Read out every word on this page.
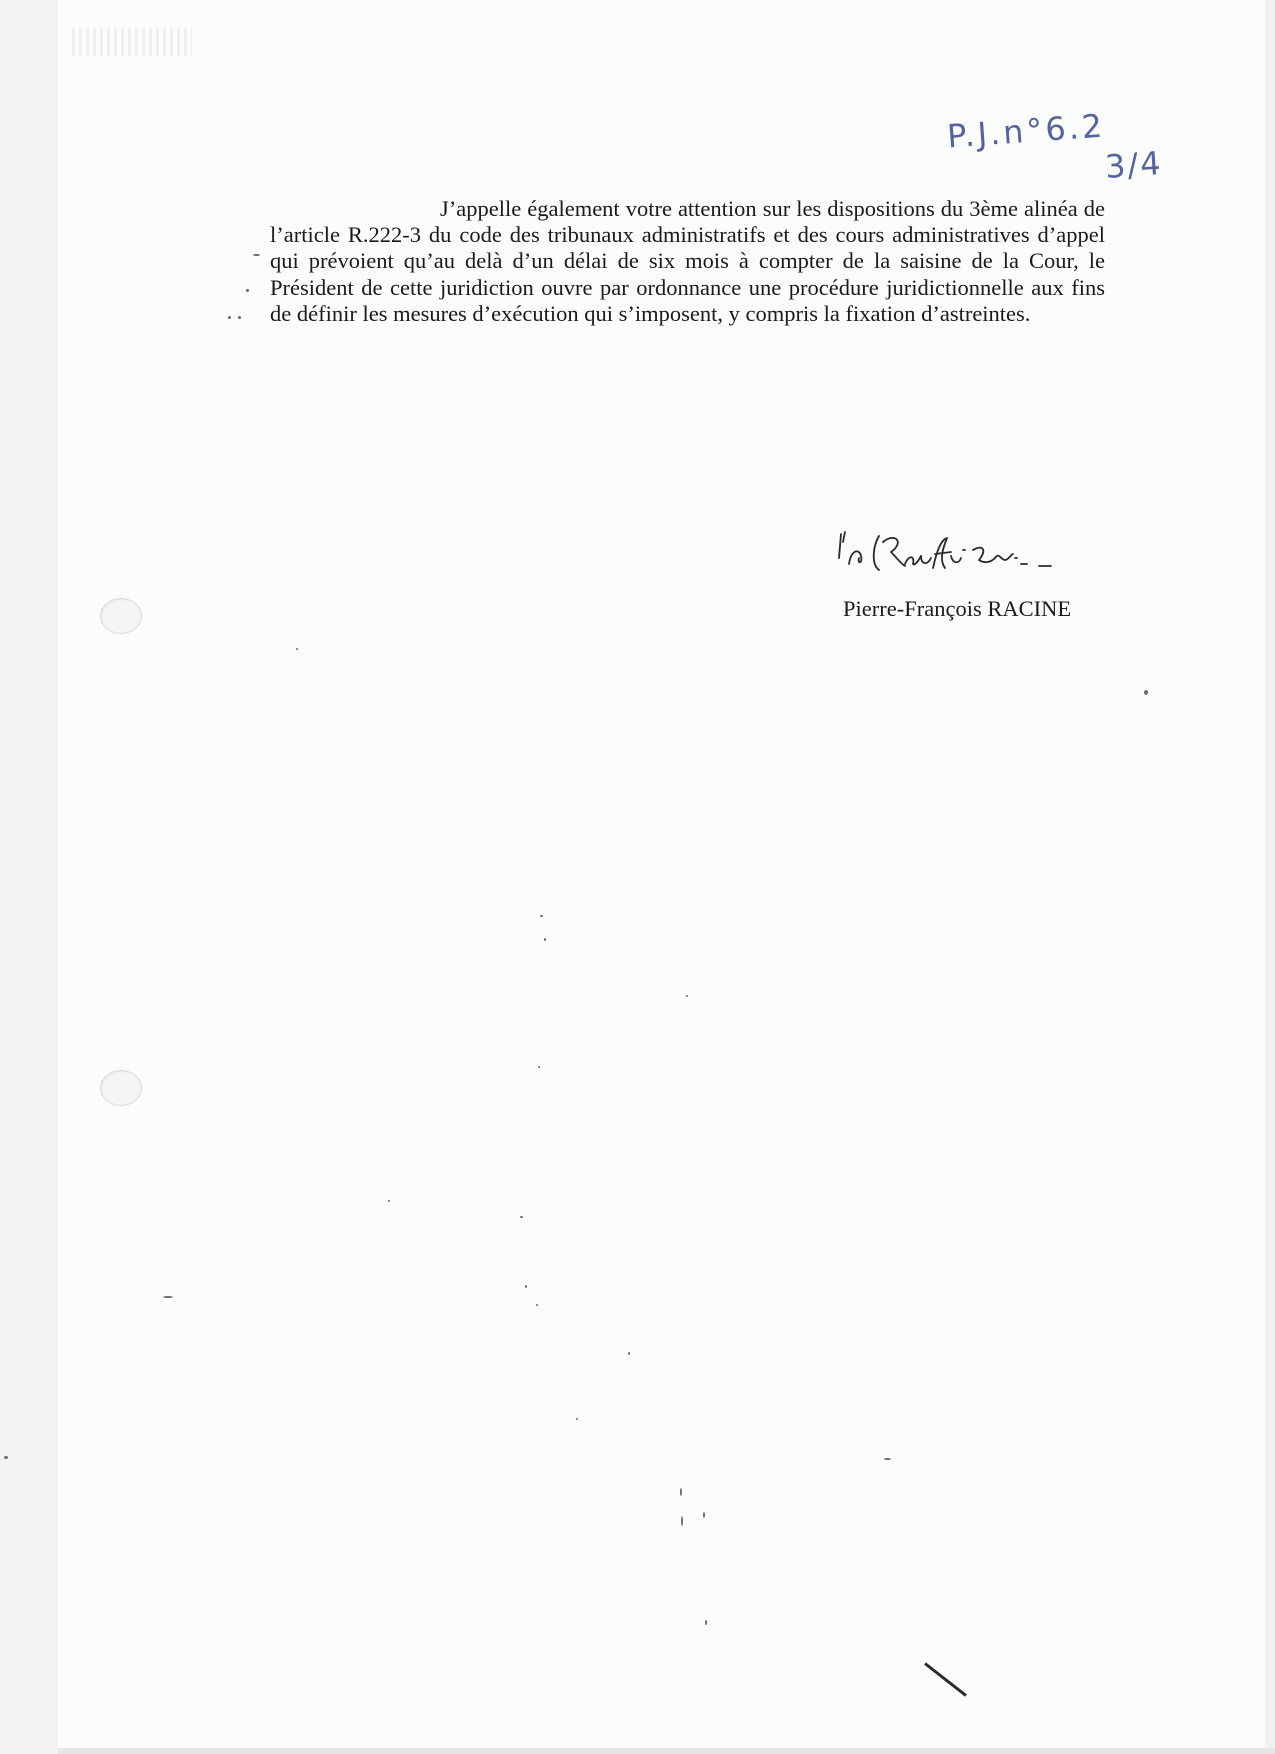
P.J.n°6.2
3/4

J’appelle également votre attention sur les dispositions du 3ème alinéa de l’article R.222-3 du code des tribunaux administratifs et des cours administratives d’appel qui prévoient qu’au delà d’un délai de six mois à compter de la saisine de la Cour, le Président de cette juridiction ouvre par ordonnance une procédure juridictionnelle aux fins de définir les mesures d’exécution qui s’imposent, y compris la fixation d’astreintes.

Pierre-François RACINE
